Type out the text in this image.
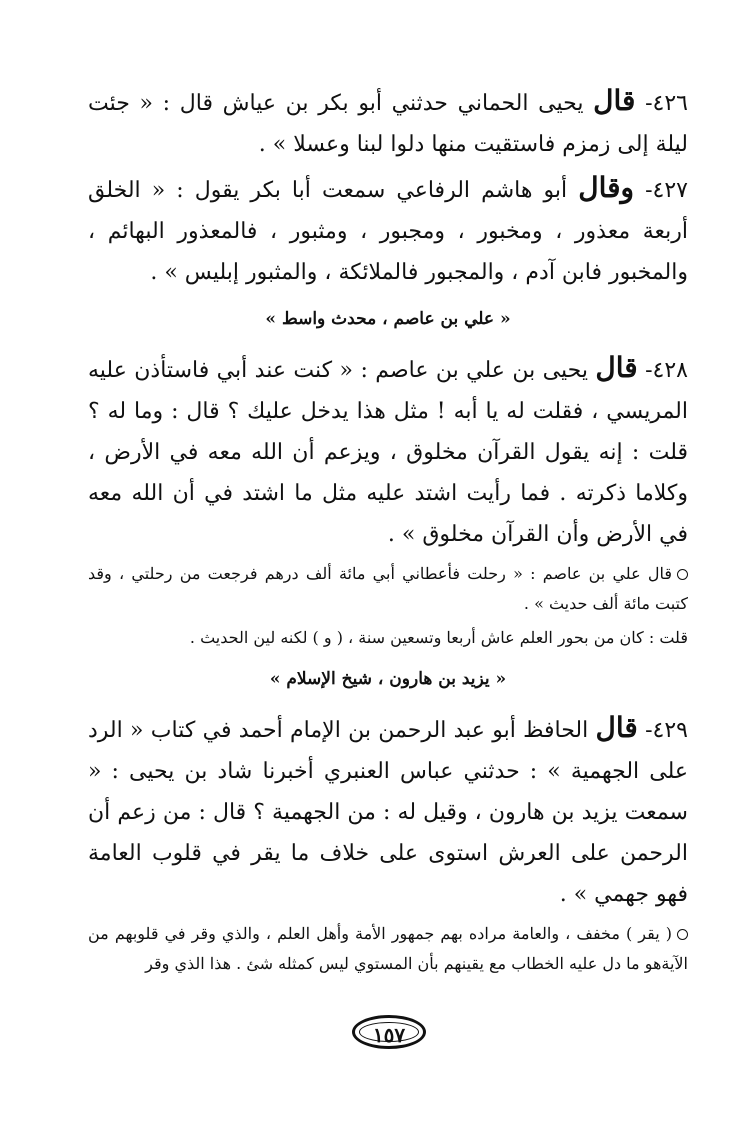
٤٢٦- قال يحيى الحماني حدثني أبو بكر بن عياش قال : « جئت ليلة إلى زمزم فاستقيت منها دلوا لبنا وعسلا » .

٤٢٧- وقال أبو هاشم الرفاعي سمعت أبا بكر يقول : « الخلق أربعة معذور ، ومخبور ، ومجبور ، ومثبور ، فالمعذور البهائم ، والمخبور فابن آدم ، والمجبور فالملائكة ، والمثبور إبليس » .

« علي بن عاصم ، محدث واسط »

٤٢٨- قال يحيى بن علي بن عاصم : « كنت عند أبي فاستأذن عليه المريسي ، فقلت له يا أبه ! مثل هذا يدخل عليك ؟ قال : وما له ؟ قلت : إنه يقول القرآن مخلوق ، ويزعم أن الله معه في الأرض ، وكلاما ذكرته . فما رأيت اشتد عليه مثل ما اشتد في أن الله معه في الأرض وأن القرآن مخلوق » .

قال علي بن عاصم : « رحلت فأعطاني أبي مائة ألف درهم فرجعت من رحلتي ، وقد كتبت مائة ألف حديث » .

قلت : كان من بحور العلم عاش أربعا وتسعين سنة ، ( و ) لكنه لين الحديث .

« يزيد بن هارون ، شيخ الإسلام »

٤٢٩- قال الحافظ أبو عبد الرحمن بن الإمام أحمد في كتاب « الرد على الجهمية » : حدثني عباس العنبري أخبرنا شاد بن يحيى : « سمعت يزيد بن هارون ، وقيل له : من الجهمية ؟ قال : من زعم أن الرحمن على العرش استوى على خلاف ما يقر في قلوب العامة فهو جهمي » .

( يقر ) مخفف ، والعامة مراده بهم جمهور الأمة وأهل العلم ، والذي وقر في قلوبهم من الآيةهو ما دل عليه الخطاب مع يقينهم بأن المستوي ليس كمثله شئ . هذا الذي وقر

١٥٧
